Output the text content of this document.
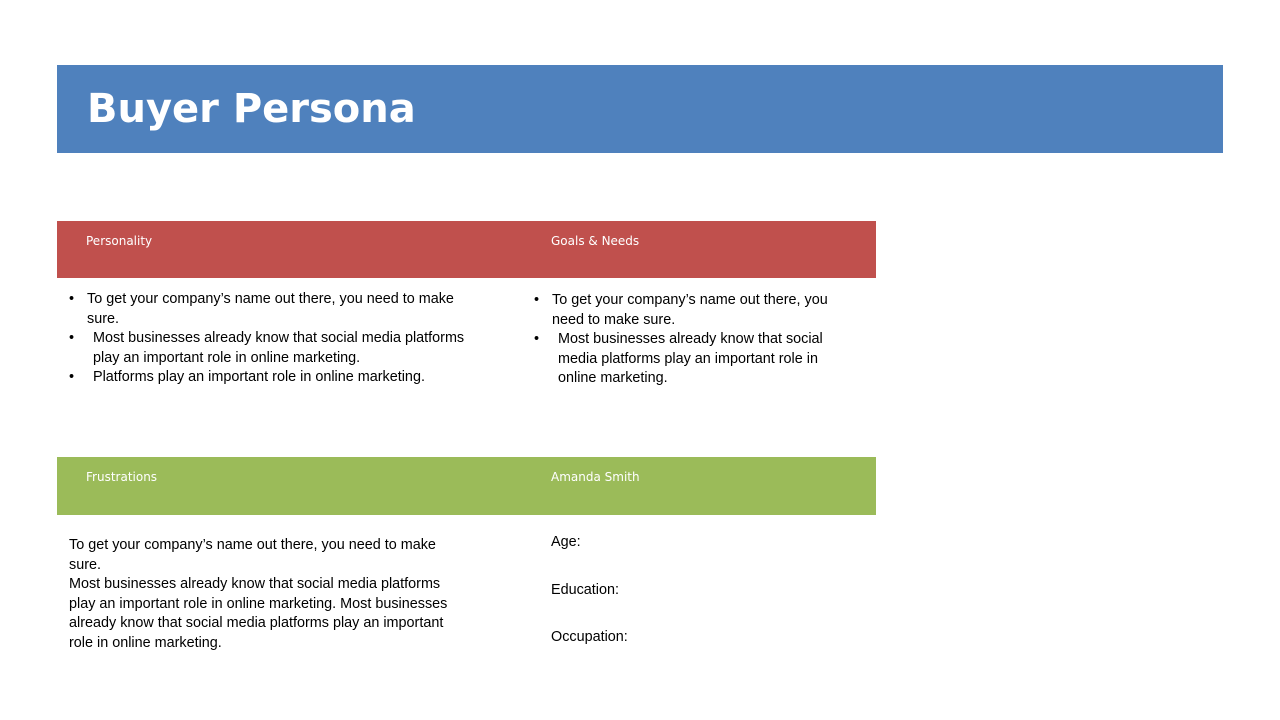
Buyer Persona
Personality	Goals & Needs
• To get your company’s name out there, you need to make sure.
• Most businesses already know that social media platforms play an important role in online marketing.
• Platforms play an important role in online marketing.
• To get your company’s name out there, you need to make sure.
• Most businesses already know that social media platforms play an important role in online marketing.
Frustrations	Amanda Smith
To get your company’s name out there, you need to make sure.
Most businesses already know that social media platforms play an important role in online marketing. Most businesses already know that social media platforms play an important role in online marketing.
Age:
Education:
Occupation:
